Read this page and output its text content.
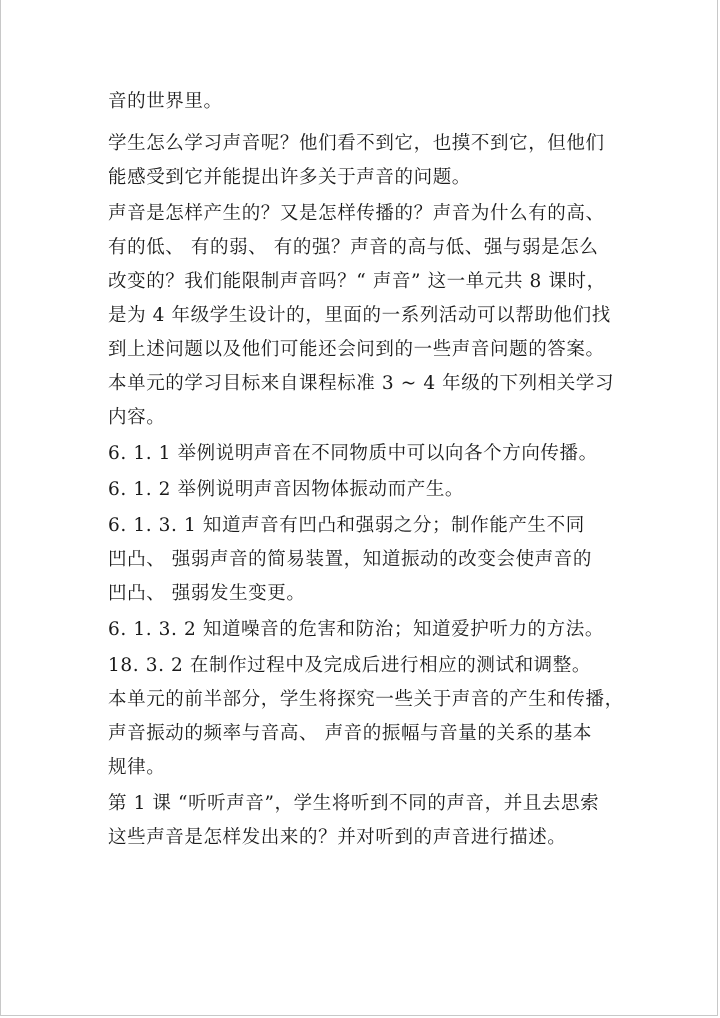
音的世界里。
学生怎么学习声音呢？他们看不到它，也摸不到它，但他们
能感受到它并能提出许多关于声音的问题。
声音是怎样产生的？又是怎样传播的？声音为什么有的高、
有的低、 有的弱、 有的强？声音的高与低、强与弱是怎么
改变的？我们能限制声音吗？“ 声音” 这一单元共 8 课时，
是为 4 年级学生设计的，里面的一系列活动可以帮助他们找
到上述问题以及他们可能还会问到的一些声音问题的答案。
本单元的学习目标来自课程标准 3 ~ 4 年级的下列相关学习
内容。
6. 1. 1 举例说明声音在不同物质中可以向各个方向传播。
6. 1. 2 举例说明声音因物体振动而产生。
6. 1. 3. 1 知道声音有凹凸和强弱之分；制作能产生不同
凹凸、 强弱声音的简易装置，知道振动的改变会使声音的
凹凸、 强弱发生变更。
6. 1. 3. 2 知道噪音的危害和防治；知道爱护听力的方法。
18. 3. 2 在制作过程中及完成后进行相应的测试和调整。
本单元的前半部分，学生将探究一些关于声音的产生和传播，
声音振动的频率与音高、 声音的振幅与音量的关系的基本
规律。
第 1 课 “听听声音”，学生将听到不同的声音，并且去思索
这些声音是怎样发出来的？并对听到的声音进行描述。
